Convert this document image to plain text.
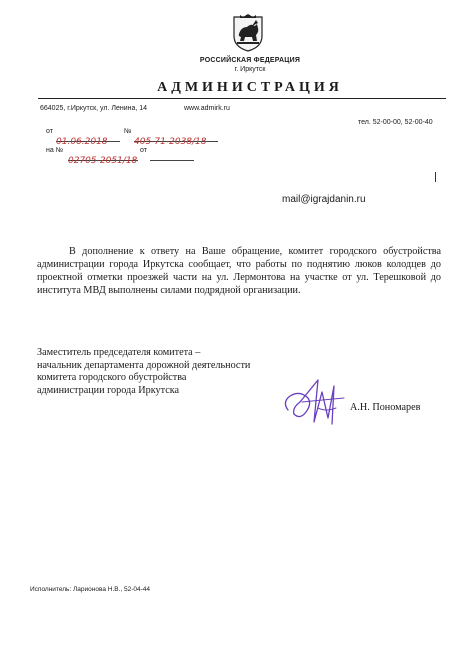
РОССИЙСКАЯ ФЕДЕРАЦИЯ
г. Иркутск
АДМИНИСТРАЦИЯ
664025, г.Иркутск, ул. Ленина, 14	www.admirk.ru
тел. 52-00-00, 52-00-40
от
01.06.2018
№
405-71-2038/18
на №
02705-2051/18
от
mail@igrajdanin.ru
В дополнение к ответу на Ваше обращение, комитет городского обустройства администрации города Иркутска сообщает, что работы по поднятию люков колодцев до проектной отметки проезжей части на ул. Лермонтова на участке от ул. Терешковой до института МВД выполнены силами подрядной организации.
Заместитель председателя комитета –
начальник департамента дорожной деятельности
комитета городского обустройства
администрации города Иркутска
А.Н. Пономарев
Исполнитель: Ларионова Н.В., 52-04-44
